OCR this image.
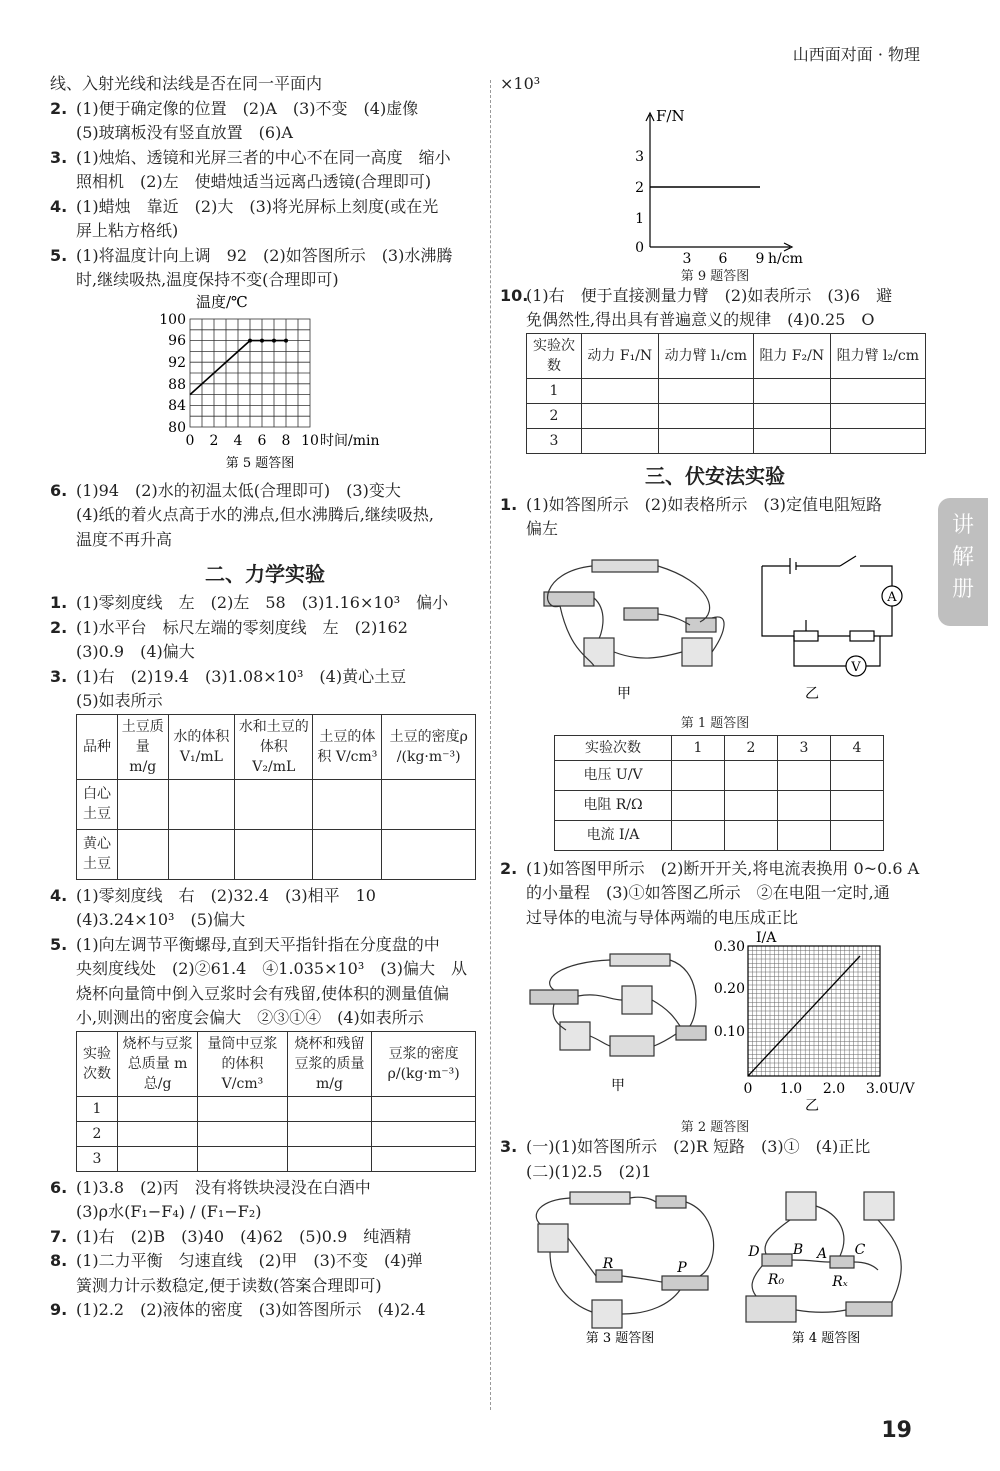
山西面对面 · 物理
线、入射光线和法线是否在同一平面内
2. (1)便于确定像的位置　(2)A　(3)不变　(4)虚像
(5)玻璃板没有竖直放置　(6)A
3. (1)烛焰、透镜和光屏三者的中心不在同一高度　缩小
照相机　(2)左　使蜡烛适当远离凸透镜(合理即可)
4. (1)蜡烛　靠近　(2)大　(3)将光屏标上刻度(或在光
屏上粘方格纸)
5. (1)将温度计向上调　92　(2)如答图所示　(3)水沸腾
时,继续吸热,温度保持不变(合理即可)
温度/℃
100
96
92
88
84
80
0 2 4 6 8 10 时间/min
第 5 题答图
6. (1)94　(2)水的初温太低(合理即可)　(3)变大
(4)纸的着火点高于水的沸点,但水沸腾后,继续吸热,
温度不再升高
二、力学实验
1. (1)零刻度线　左　(2)左　58　(3)1.16×10³　偏小
2. (1)水平台　标尺左端的零刻度线　左　(2)162
(3)0.9　(4)偏大
3. (1)右　(2)19.4　(3)1.08×10³　(4)黄心土豆
(5)如表所示
品种	土豆质量 m/g	水的体积 V₁/mL	水和土豆的体积 V₂/mL	土豆的体积 V/cm³	土豆的密度ρ /(kg·m⁻³)
白心土豆					
黄心土豆					
4. (1)零刻度线　右　(2)32.4　(3)相平　10
(4)3.24×10³　(5)偏大
5. (1)向左调节平衡螺母,直到天平指针指在分度盘的中
央刻度线处　(2)②61.4　④1.035×10³　(3)偏大　从
烧杯向量筒中倒入豆浆时会有残留,使体积的测量值偏
小,则测出的密度会偏大　②③①④　(4)如表所示
实验次数	烧杯与豆浆总质量 m总/g	量筒中豆浆的体积 V/cm³	烧杯和残留豆浆的质量 m/g	豆浆的密度ρ/(kg·m⁻³)
1				
2				
3				
6. (1)3.8　(2)丙　没有将铁块浸没在白酒中
(3)ρ水(F₁−F₄) / (F₁−F₂)
7. (1)右　(2)B　(3)40　(4)62　(5)0.9　纯酒精
8. (1)二力平衡　匀速直线　(2)甲　(3)不变　(4)弹
簧测力计示数稳定,便于读数(答案合理即可)
9. (1)2.2　(2)液体的密度　(3)如答图所示　(4)2.4
×10³
F/N
3
2
1
0
3 6 9 h/cm
第 9 题答图
10.(1)右　便于直接测量力臂　(2)如表所示　(3)6　避
免偶然性,得出具有普遍意义的规律　(4)0.25　O
实验次数	动力 F₁/N	动力臂 l₁/cm	阻力 F₂/N	阻力臂 l₂/cm
1				
2				
3				
三、伏安法实验
1. (1)如答图所示　(2)如表格所示　(3)定值电阻短路
偏左
甲
A
V
乙
第 1 题答图
实验次数	1	2	3	4
电压 U/V				
电阻 R/Ω				
电流 I/A				
2. (1)如答图甲所示　(2)断开开关,将电流表换用 0~0.6 A
的小量程　(3)①如答图乙所示　②在电阻一定时,通
过导体的电流与导体两端的电压成正比
甲
I/A
0.30
0.20
0.10
0 1.0 2.0 3.0 U/V
乙
第 2 题答图
3. (一)(1)如答图所示　(2)R 短路　(3)①　(4)正比
(二)(1)2.5　(2)1
R	P
第 3 题答图
D B A C
R₀	Rₓ
第 4 题答图
讲
解
册
19
